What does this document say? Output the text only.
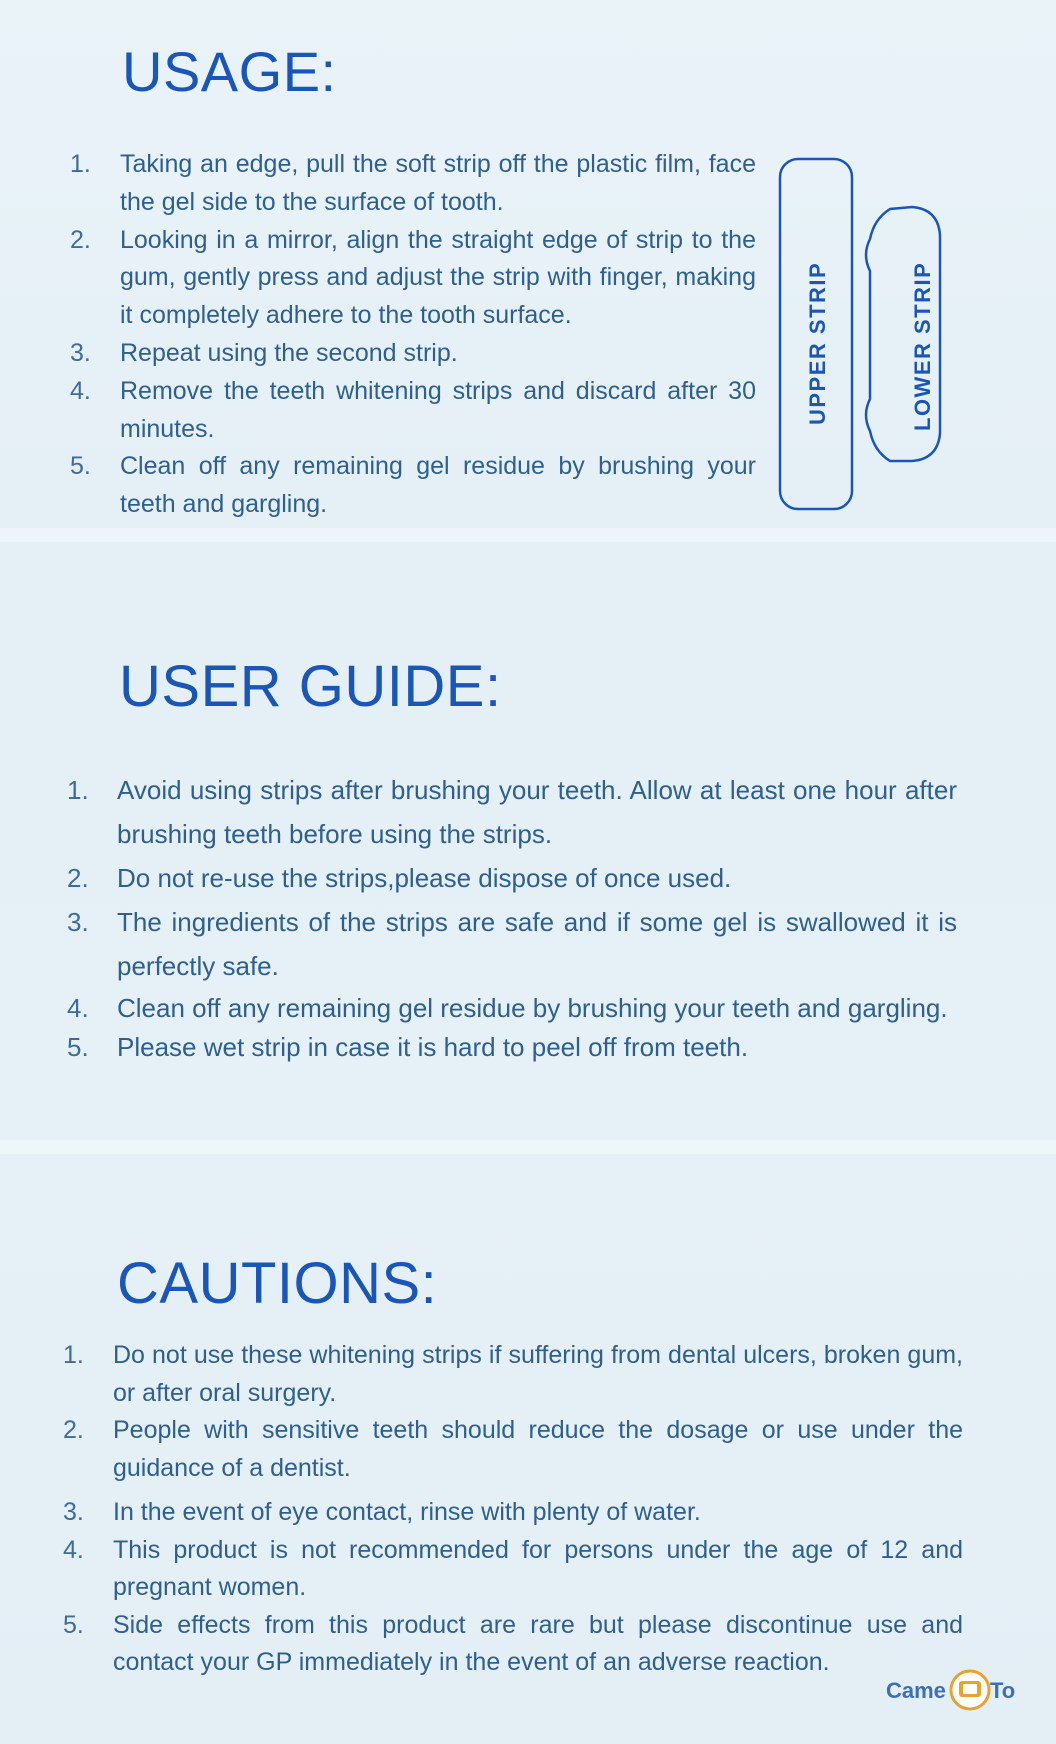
USAGE:
1.	Taking an edge, pull the soft strip off the plastic film, face the gel side to the surface of tooth.
2.	Looking in a mirror, align the straight edge of strip to the gum, gently press and adjust the strip with finger, making it completely adhere to the tooth surface.
3.	Repeat using the second strip.
4.	Remove the teeth whitening strips and discard after 30 minutes.
5.	Clean off any remaining gel residue by brushing your teeth and gargling.
UPPER STRIP	LOWER STRIP
USER GUIDE:
1.	Avoid using strips after brushing your teeth. Allow at least one hour after brushing teeth before using the strips.
2.	Do not re-use the strips,please dispose of once used.
3.	The ingredients of the strips are safe and if some gel is swallowed it is perfectly safe.
4.	Clean off any remaining gel residue by brushing your teeth and gargling.
5.	Please wet strip in case it is hard to peel off from teeth.
CAUTIONS:
1.	Do not use these whitening strips if suffering from dental ulcers, broken gum, or after oral surgery.
2.	People with sensitive teeth should reduce the dosage or use under the guidance of a dentist.
3.	In the event of eye contact, rinse with plenty of water.
4.	This product is not recommended for persons under the age of 12 and pregnant women.
5.	Side effects from this product are rare but please discontinue use and contact your GP immediately in the event of an adverse reaction.
Came To
